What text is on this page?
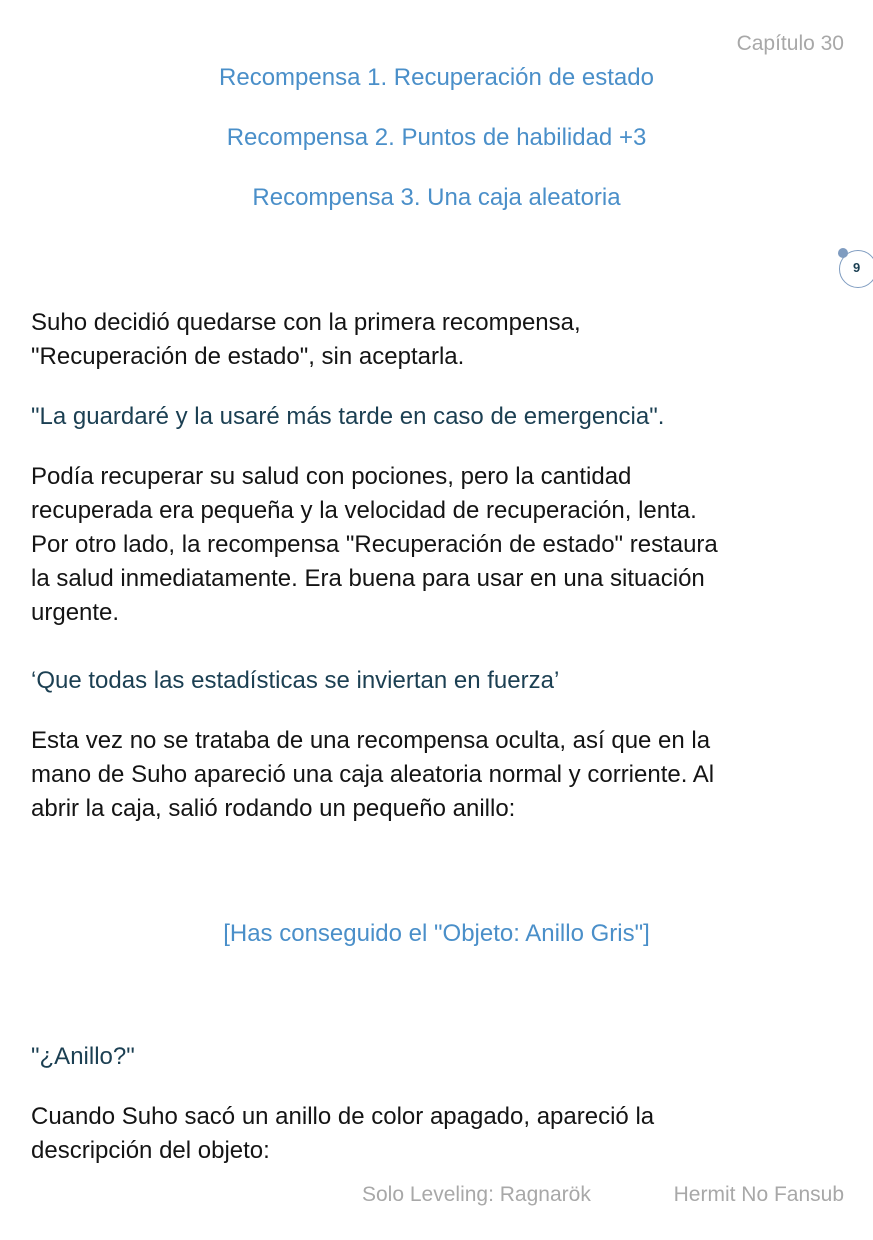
Capítulo 30
Recompensa 1. Recuperación de estado
Recompensa 2. Puntos de habilidad +3
Recompensa 3. Una caja aleatoria
9
Suho decidió quedarse con la primera recompensa,
"Recuperación de estado", sin aceptarla.
"La guardaré y la usaré más tarde en caso de emergencia".
Podía recuperar su salud con pociones, pero la cantidad
recuperada era pequeña y la velocidad de recuperación, lenta.
Por otro lado, la recompensa "Recuperación de estado" restaura
la salud inmediatamente. Era buena para usar en una situación
urgente.
‘Que todas las estadísticas se inviertan en fuerza’
Esta vez no se trataba de una recompensa oculta, así que en la
mano de Suho apareció una caja aleatoria normal y corriente. Al
abrir la caja, salió rodando un pequeño anillo:
[Has conseguido el "Objeto: Anillo Gris"]
"¿Anillo?"
Cuando Suho sacó un anillo de color apagado, apareció la
descripción del objeto:
Solo Leveling: Ragnarök	Hermit No Fansub
